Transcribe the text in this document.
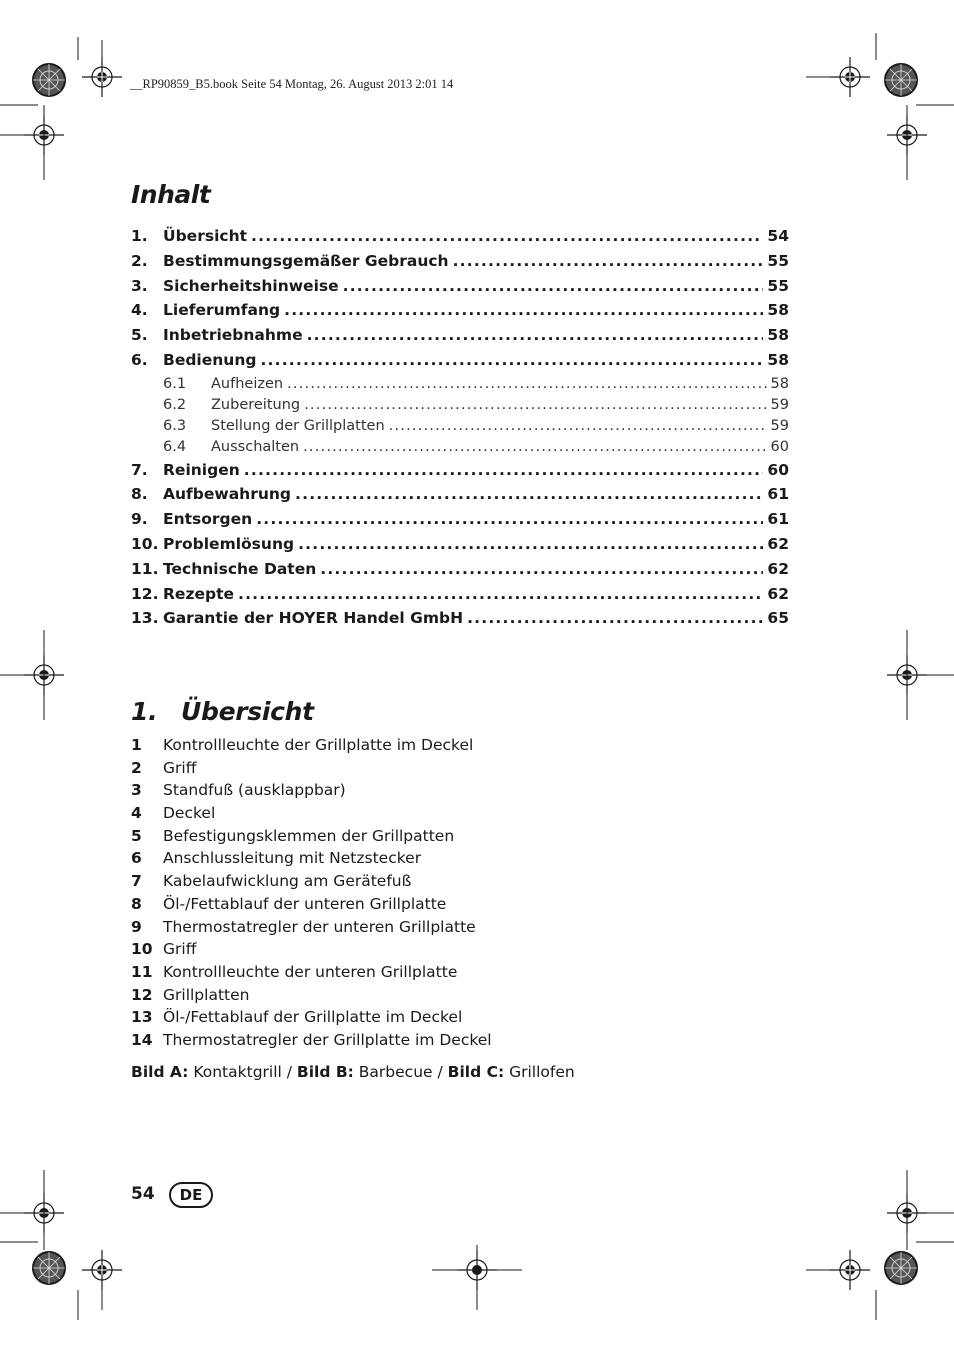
__RP90859_B5.book Seite 54 Montag, 26. August 2013 2:01 14
Inhalt
1. Übersicht .....	54
2. Bestimmungsgemäßer Gebrauch .....	55
3. Sicherheitshinweise .....	55
4. Lieferumfang .....	58
5. Inbetriebnahme .....	58
6. Bedienung .....	58
6.1	Aufheizen .....	58
6.2	Zubereitung .....	59
6.3	Stellung der Grillplatten .....	59
6.4	Ausschalten .....	60
7. Reinigen .....	60
8. Aufbewahrung .....	61
9. Entsorgen .....	61
10. Problemlösung .....	62
11. Technische Daten .....	62
12. Rezepte .....	62
13. Garantie der HOYER Handel GmbH .....	65
1. Übersicht
1	Kontrollleuchte der Grillplatte im Deckel
2	Griff
3	Standfuß (ausklappbar)
4	Deckel
5	Befestigungsklemmen der Grillpatten
6	Anschlussleitung mit Netzstecker
7	Kabelaufwicklung am Gerätefuß
8	Öl-/Fettablauf der unteren Grillplatte
9	Thermostatregler der unteren Grillplatte
10 Griff
11 Kontrollleuchte der unteren Grillplatte
12 Grillplatten
13 Öl-/Fettablauf der Grillplatte im Deckel
14 Thermostatregler der Grillplatte im Deckel
Bild A: Kontaktgrill / Bild B: Barbecue / Bild C: Grillofen
54	DE
